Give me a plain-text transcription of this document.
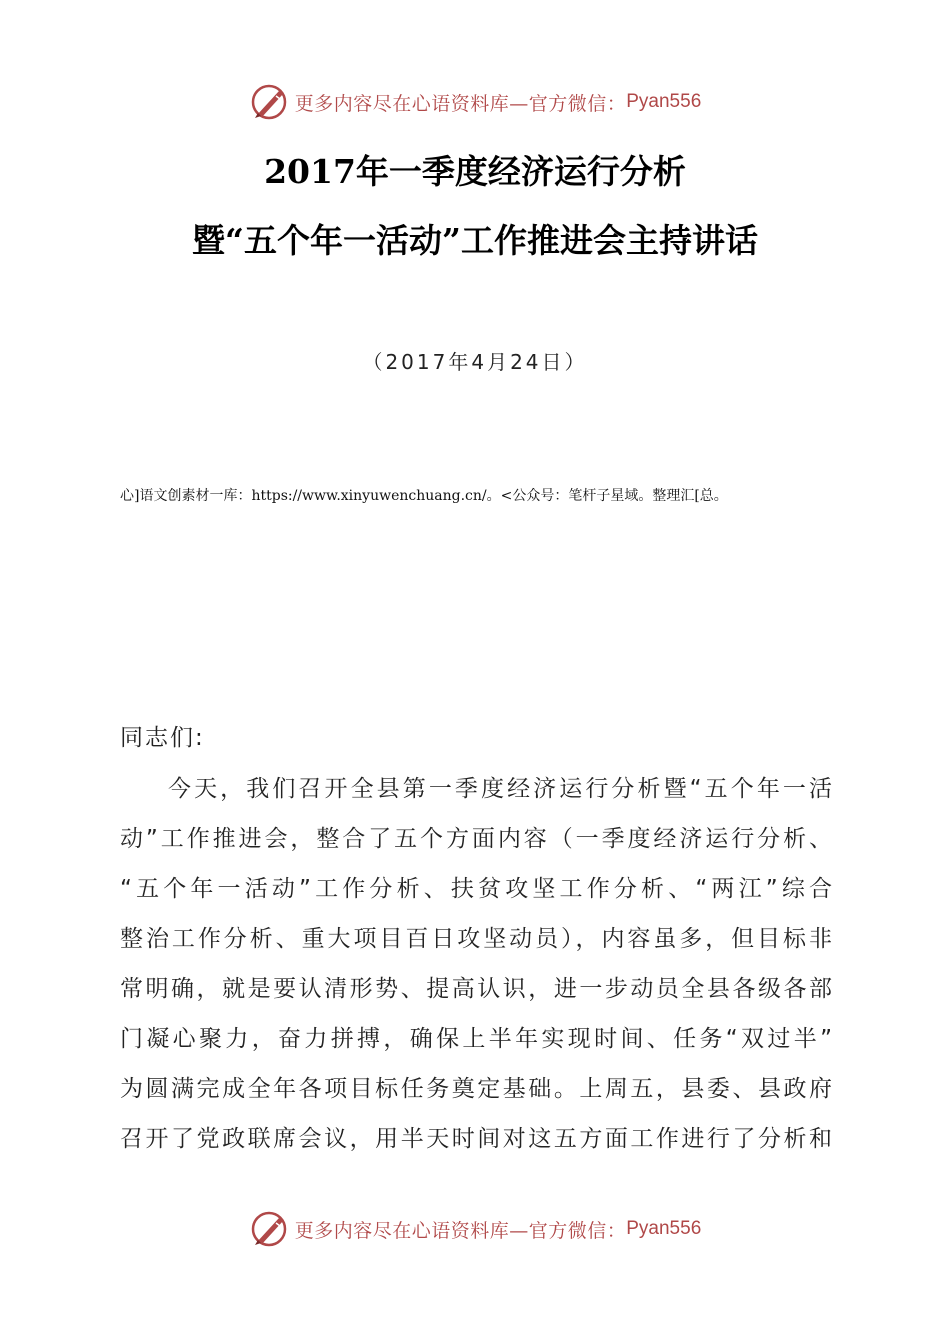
更多内容尽在心语资料库—官方微信： Pyan556
2017年一季度经济运行分析
暨“五个年一活动”工作推进会主持讲话
（2017年4月24日）
心]语文创素材一库：https://www.xinyuwenchuang.cn/。<公众号：笔杆子星域。整理汇[总。
同志们:
今天，我们召开全县第一季度经济运行分析暨“五个年一活
动”工作推进会，整合了五个方面内容（一季度经济运行分析、
“五个年一活动”工作分析、扶贫攻坚工作分析、“两江”综合
整治工作分析、重大项目百日攻坚动员），内容虽多，但目标非
常明确，就是要认清形势、提高认识，进一步动员全县各级各部
门凝心聚力，奋力拼搏，确保上半年实现时间、任务“双过半”
为圆满完成全年各项目标任务奠定基础。上周五，县委、县政府
召开了党政联席会议，用半天时间对这五方面工作进行了分析和
更多内容尽在心语资料库—官方微信： Pyan556
